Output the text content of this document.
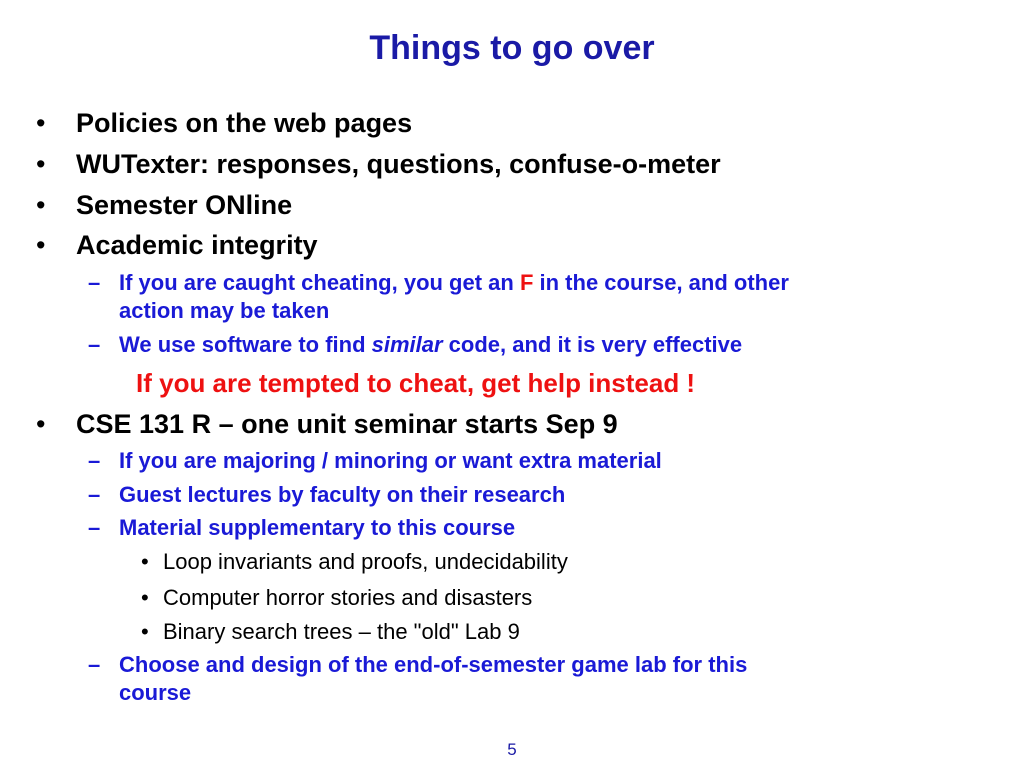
Things to go over
• Policies on the web pages
• WUTexter: responses, questions, confuse-o-meter
• Semester ONline
• Academic integrity
– If you are caught cheating, you get an F in the course, and other
action may be taken
– We use software to find similar code, and it is very effective
If you are tempted to cheat, get help instead !
• CSE 131 R – one unit seminar starts Sep 9
– If you are majoring / minoring or want extra material
– Guest lectures by faculty on their research
– Material supplementary to this course
• Loop invariants and proofs, undecidability
• Computer horror stories and disasters
• Binary search trees – the "old" Lab 9
– Choose and design of the end-of-semester game lab for this
course
5
